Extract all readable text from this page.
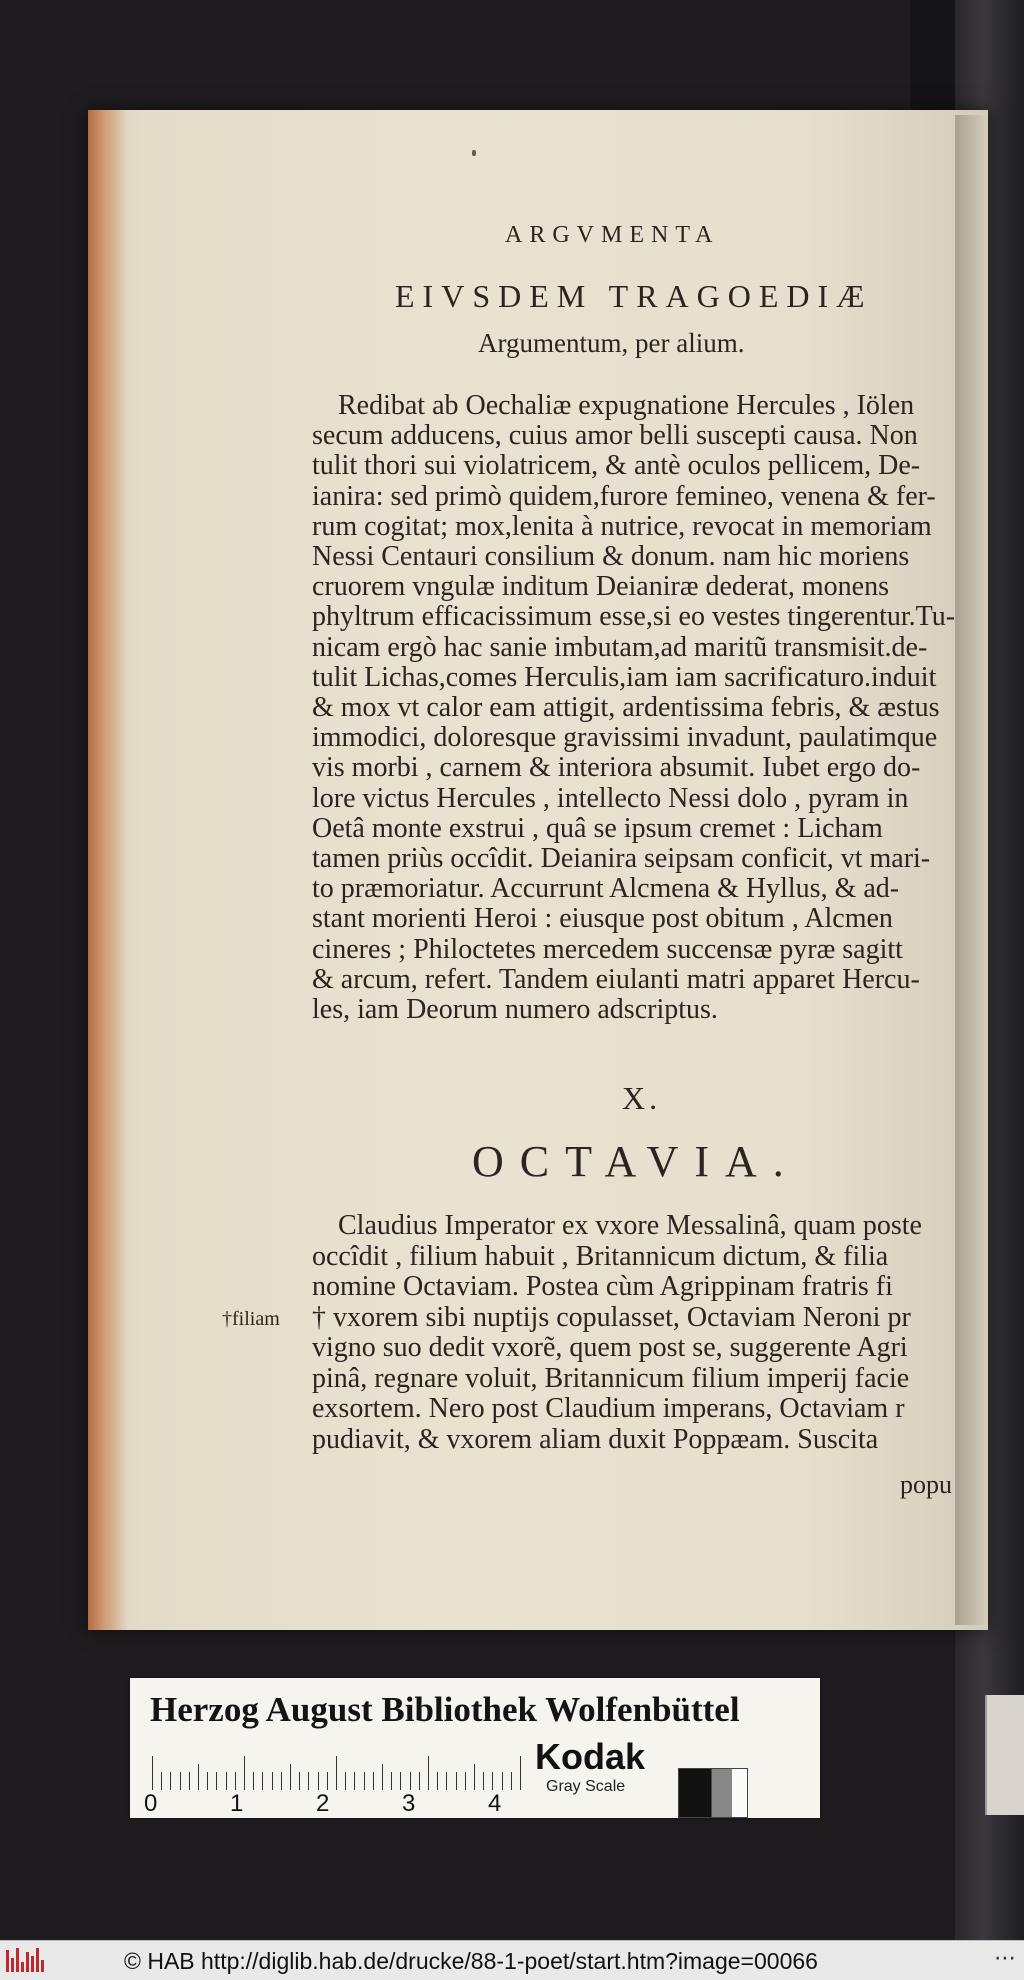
ARGVMENTA
EIVSDEM TRAGOEDIÆ
Argumentum, per alium.
Redibat ab Oechaliæ expugnatione Hercules , Iölen
secum adducens, cuius amor belli suscepti causa. Non
tulit thori sui violatricem, & antè oculos pellicem, De-
ianira: sed primò quidem,furore femineo, venena & fer-
rum cogitat; mox,lenita à nutrice, revocat in memoriam
Nessi Centauri consilium & donum. nam hic moriens
cruorem vngulæ inditum Deianiræ dederat, monens
phyltrum efficacissimum esse,si eo vestes tingerentur.Tu-
nicam ergò hac sanie imbutam,ad maritũ transmisit.de-
tulit Lichas,comes Herculis,iam iam sacrificaturo.induit
& mox vt calor eam attigit, ardentissima febris, & æstus
immodici, doloresque gravissimi invadunt, paulatimque
vis morbi , carnem & interiora absumit. Iubet ergo do-
lore victus Hercules , intellecto Nessi dolo , pyram in
Oetâ monte exstrui , quâ se ipsum cremet : Licham
tamen priùs occîdit. Deianira seipsam conficit, vt mari-
to præmoriatur. Accurrunt Alcmena & Hyllus, & ad-
stant morienti Heroi : eiusque post obitum , Alcmen
cineres ; Philoctetes mercedem succensæ pyræ sagitt
& arcum, refert. Tandem eiulanti matri apparet Hercu-
les, iam Deorum numero adscriptus.
X.
OCTAVIA.
Claudius Imperator ex vxore Messalinâ, quam poste
occîdit , filium habuit , Britannicum dictum, & filia
nomine Octaviam. Postea cùm Agrippinam fratris fi
† vxorem sibi nuptijs copulasset, Octaviam Neroni pr
vigno suo dedit vxorẽ, quem post se, suggerente Agri
pinâ, regnare voluit, Britannicum filium imperij facie
exsortem. Nero post Claudium imperans, Octaviam r
pudiavit, & vxorem aliam duxit Poppæam. Suscita
†filiam
popu
Herzog August Bibliothek Wolfenbüttel
0	1	2	3	4
Kodak
Gray Scale
© HAB http://diglib.hab.de/drucke/88-1-poet/start.htm?image=00066	⋯
